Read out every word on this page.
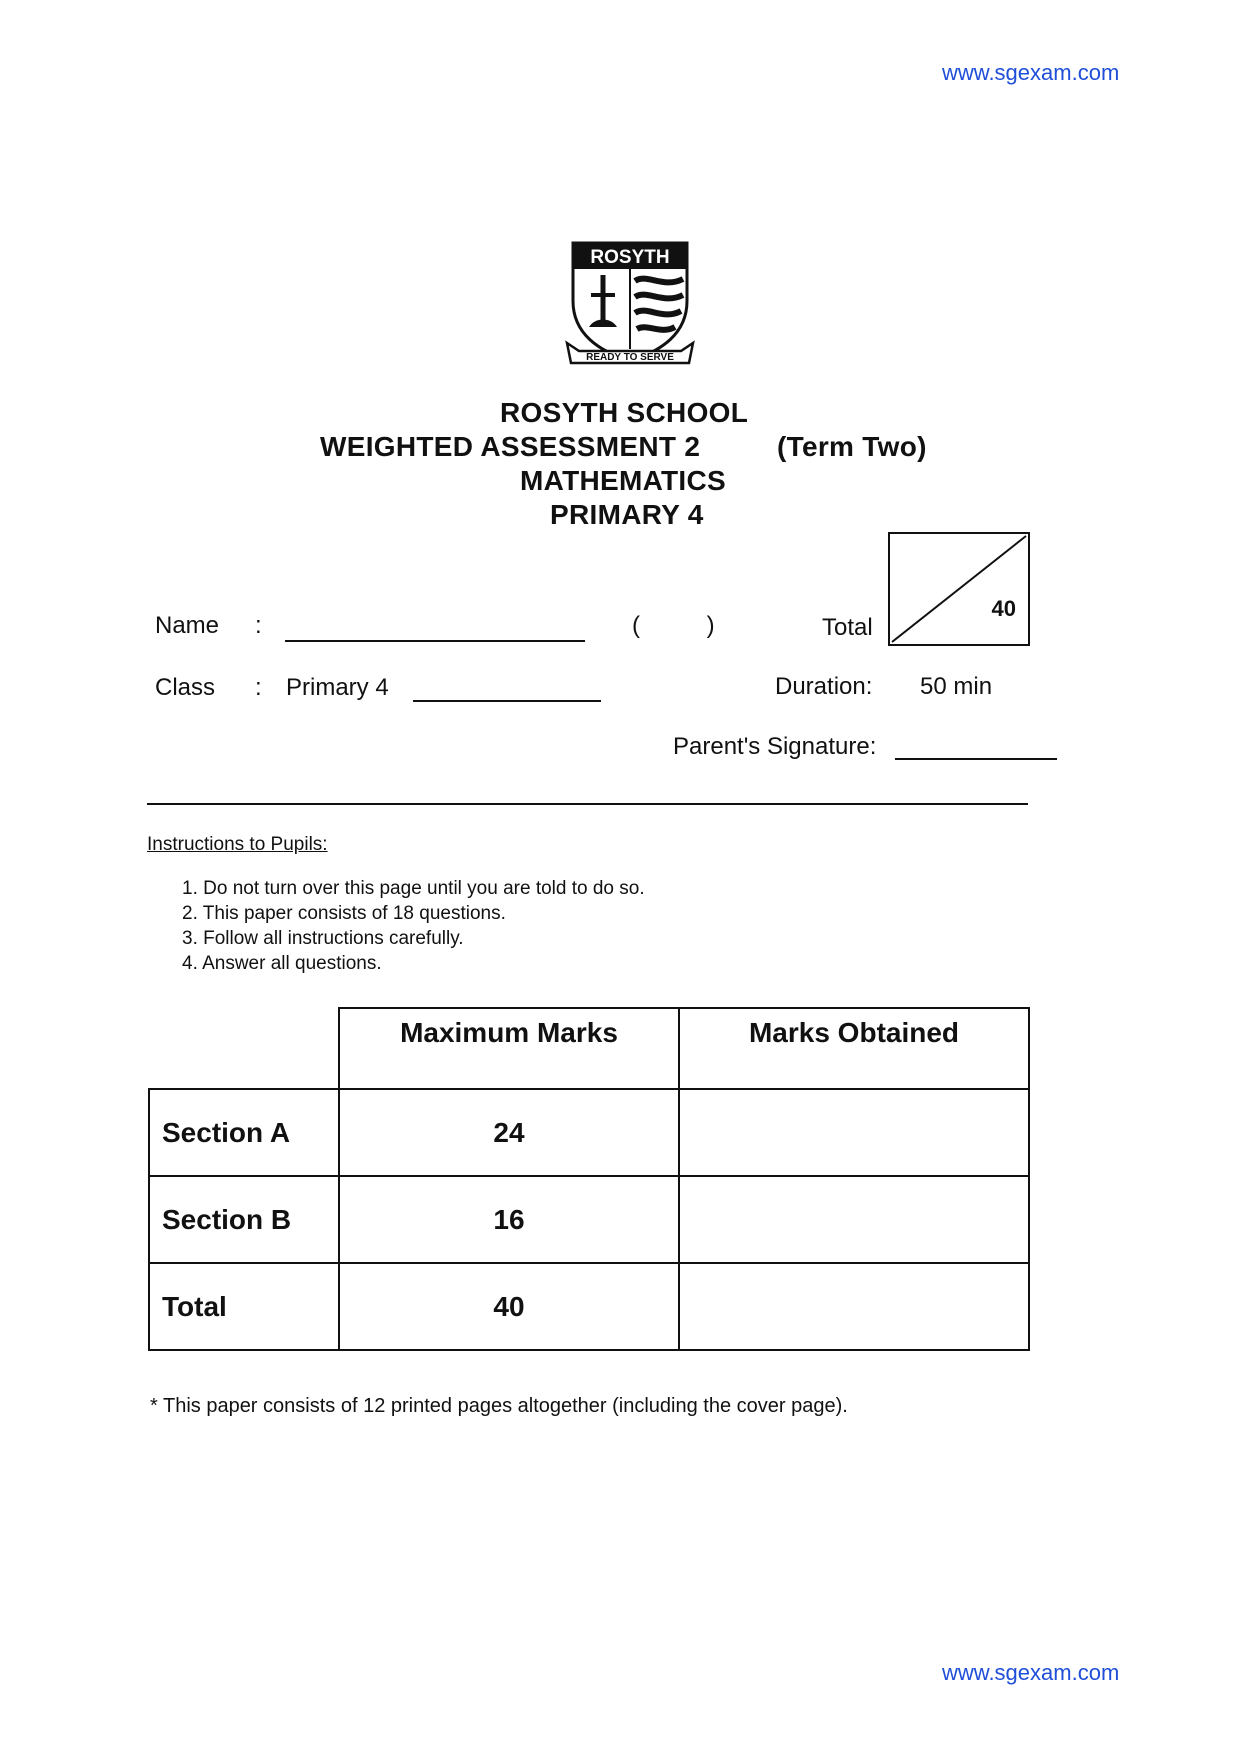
www.sgexam.com
www.sgexam.com
ROSYTH
READY TO SERVE
ROSYTH SCHOOL
WEIGHTED ASSESSMENT 2	(Term Two)
MATHEMATICS
PRIMARY 4
Total
40
Name :	(          )
Class : Primary 4	Duration: 50 min
Parent's Signature:
Instructions to Pupils:
1. Do not turn over this page until you are told to do so.
2. This paper consists of 18 questions.
3. Follow all instructions carefully.
4. Answer all questions.
	Maximum Marks	Marks Obtained
Section A	24	
Section B	16	
Total	40	
* This paper consists of 12 printed pages altogether (including the cover page).
